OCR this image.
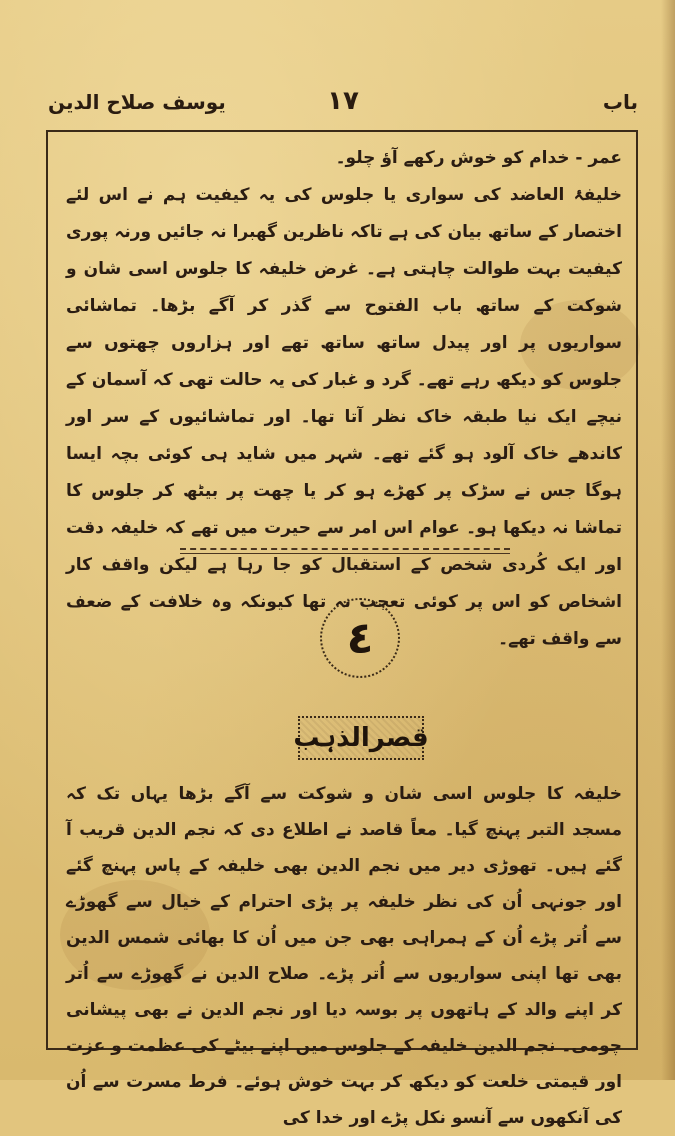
باب
١٧
یوسف صلاح الدین

عمر - خدام کو خوش رکھے آؤ چلو۔

خلیفۂ العاضد کی سواری یا جلوس کی یہ کیفیت ہم نے اس لئے اختصار کے ساتھ بیان کی ہے تاکہ ناظرین گھبرا نہ جائیں ورنہ پوری کیفیت بہت طوالت چاہتی ہے۔ غرض خلیفہ کا جلوس اسی شان و شوکت کے ساتھ باب الفتوح سے گذر کر آگے بڑھا۔ تماشائی سواریوں پر اور پیدل ساتھ ساتھ تھے اور ہزاروں چھتوں سے جلوس کو دیکھ رہے تھے۔ گرد و غبار کی یہ حالت تھی کہ آسمان کے نیچے ایک نیا طبقہ خاک نظر آتا تھا۔ اور تماشائیوں کے سر اور کاندھے خاک آلود ہو گئے تھے۔ شہر میں شاید ہی کوئی بچہ ایسا ہوگا جس نے سڑک پر کھڑے ہو کر یا چھت پر بیٹھ کر جلوس کا تماشا نہ دیکھا ہو۔ عوام اس امر سے حیرت میں تھے کہ خلیفہ دقت اور ایک کُردی شخص کے استقبال کو جا رہا ہے لیکن واقف کار اشخاص کو اس پر کوئی تعجب نہ تھا کیونکہ وہ خلافت کے ضعف سے واقف تھے۔

٤
قصرالذہب

خلیفہ کا جلوس اسی شان و شوکت سے آگے بڑھا یہاں تک کہ مسجد التبر پہنچ گیا۔ معاً قاصد نے اطلاع دی کہ نجم الدین قریب آ گئے ہیں۔ تھوڑی دیر میں نجم الدین بھی خلیفہ کے پاس پہنچ گئے اور جونہی اُن کی نظر خلیفہ پر پڑی احترام کے خیال سے گھوڑے سے اُتر پڑے اُن کے ہمراہی بھی جن میں اُن کا بھائی شمس الدین بھی تھا اپنی سواریوں سے اُتر پڑے۔ صلاح الدین نے گھوڑے سے اُتر کر اپنے والد کے ہاتھوں پر بوسہ دیا اور نجم الدین نے بھی پیشانی چومی۔ نجم الدین خلیفہ کے جلوس میں اپنے بیٹے کی عظمت و عزت اور قیمتی خلعت کو دیکھ کر بہت خوش ہوئے۔ فرط مسرت سے اُن کی آنکھوں سے آنسو نکل پڑے اور خدا کی
